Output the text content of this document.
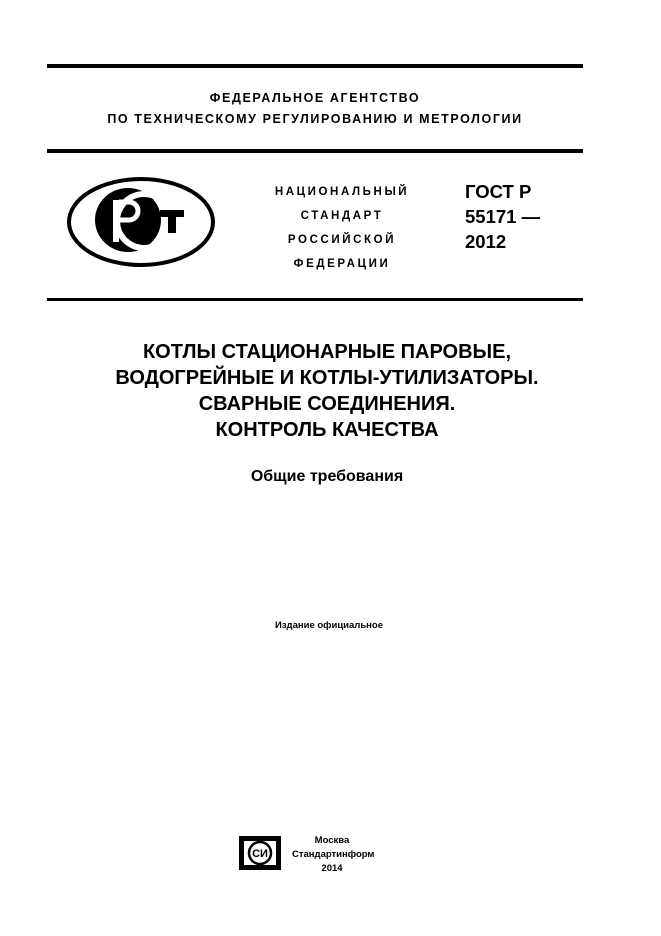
ФЕДЕРАЛЬНОЕ АГЕНТСТВО
ПО ТЕХНИЧЕСКОМУ РЕГУЛИРОВАНИЮ И МЕТРОЛОГИИ
НАЦИОНАЛЬНЫЙ
СТАНДАРТ
РОССИЙСКОЙ
ФЕДЕРАЦИИ
ГОСТ Р
55171 —
2012
КОТЛЫ СТАЦИОНАРНЫЕ ПАРОВЫЕ,
ВОДОГРЕЙНЫЕ И КОТЛЫ-УТИЛИЗАТОРЫ.
СВАРНЫЕ СОЕДИНЕНИЯ.
КОНТРОЛЬ КАЧЕСТВА
Общие требования
Издание официальное
СИ
Москва
Стандартинформ
2014
